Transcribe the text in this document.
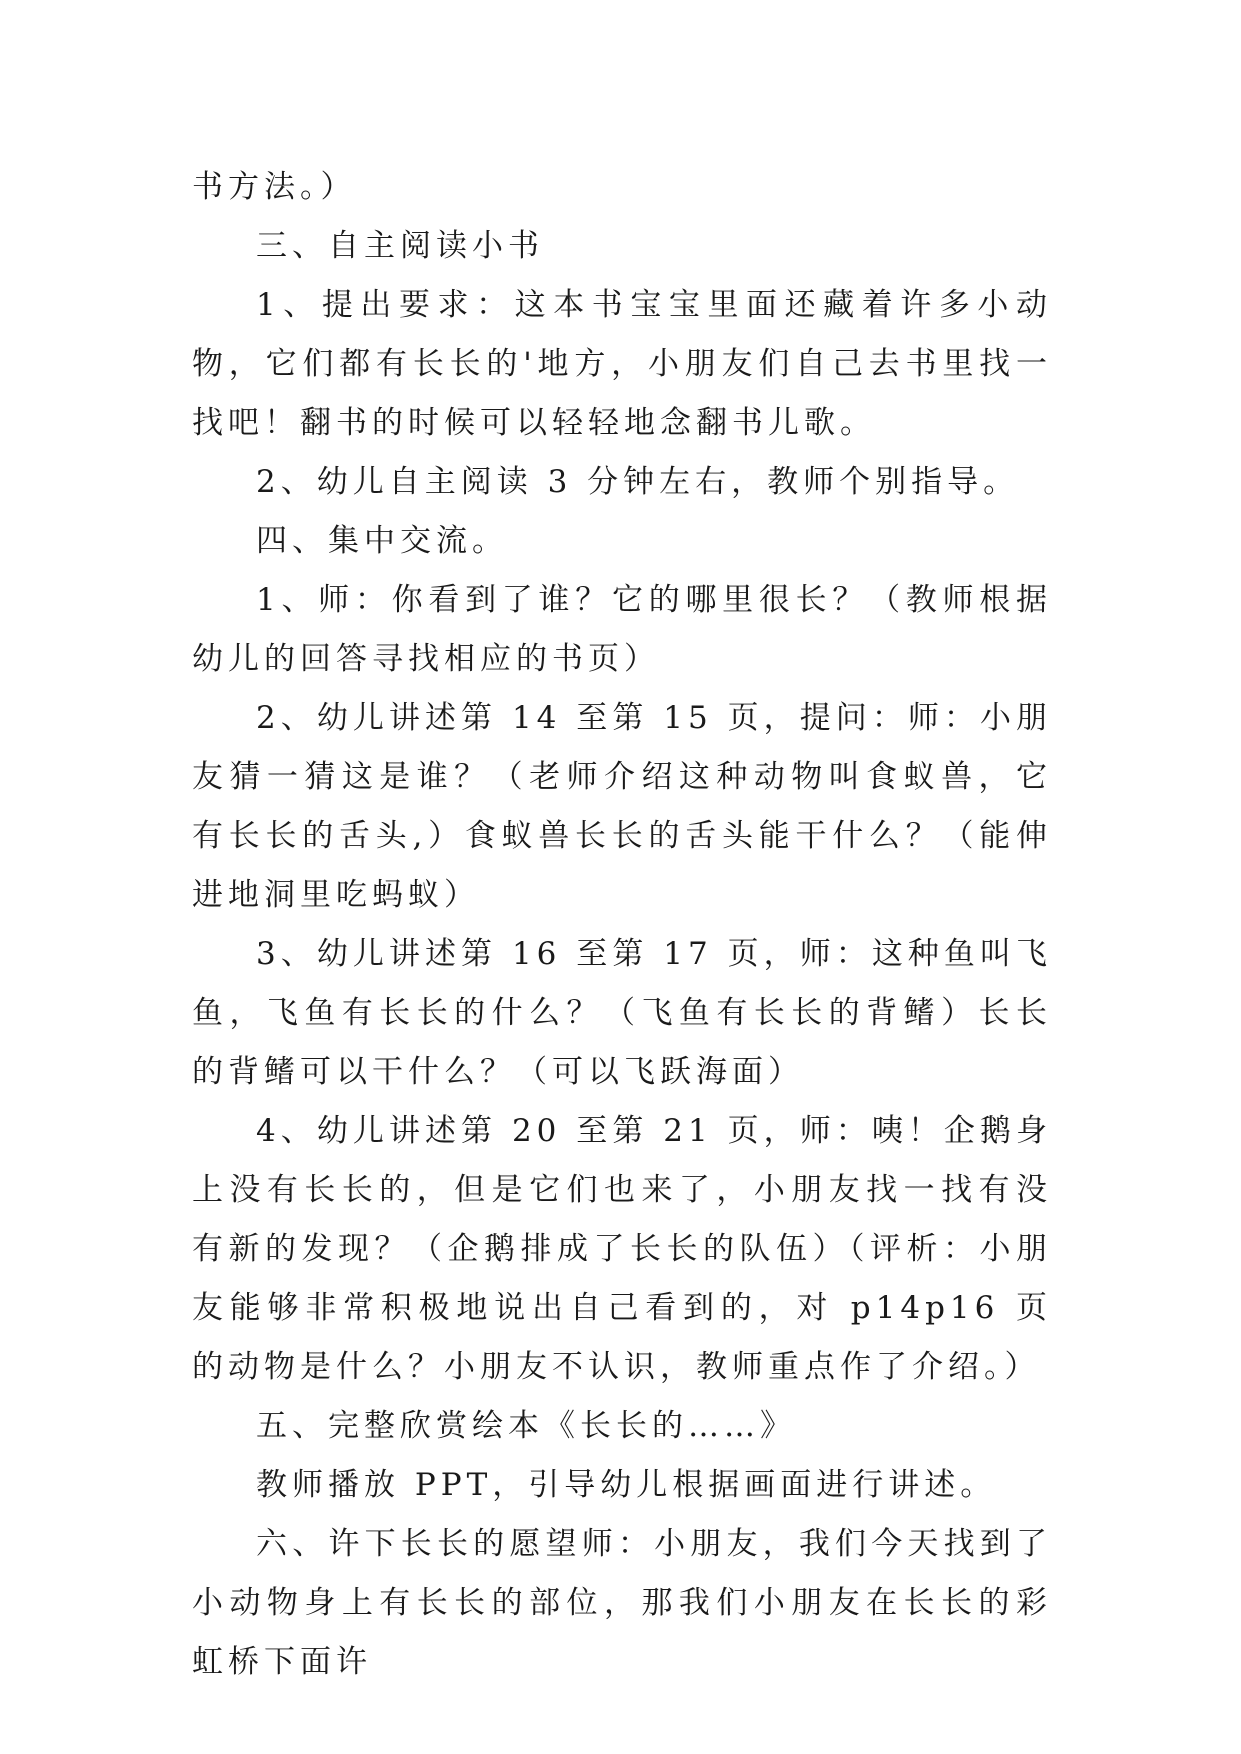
书方法。）

三、自主阅读小书

1、提出要求：这本书宝宝里面还藏着许多小动物，它们都有长长的'地方，小朋友们自己去书里找一找吧！翻书的时候可以轻轻地念翻书儿歌。

2、幼儿自主阅读 3 分钟左右，教师个别指导。

四、集中交流。

1、师：你看到了谁？它的哪里很长？（教师根据幼儿的回答寻找相应的书页）

2、幼儿讲述第 14 至第 15 页，提问：师：小朋友猜一猜这是谁？（老师介绍这种动物叫食蚁兽，它有长长的舌头,）食蚁兽长长的舌头能干什么？（能伸进地洞里吃蚂蚁）

3、幼儿讲述第 16 至第 17 页，师：这种鱼叫飞鱼，飞鱼有长长的什么？（飞鱼有长长的背鳍）长长的背鳍可以干什么？（可以飞跃海面）

4、幼儿讲述第 20 至第 21 页，师：咦！企鹅身上没有长长的，但是它们也来了，小朋友找一找有没有新的发现？（企鹅排成了长长的队伍）（评析：小朋友能够非常积极地说出自己看到的，对 p14p16 页的动物是什么？小朋友不认识，教师重点作了介绍。）

五、完整欣赏绘本《长长的……》

教师播放 PPT，引导幼儿根据画面进行讲述。

六、许下长长的愿望师：小朋友，我们今天找到了小动物身上有长长的部位，那我们小朋友在长长的彩虹桥下面许
